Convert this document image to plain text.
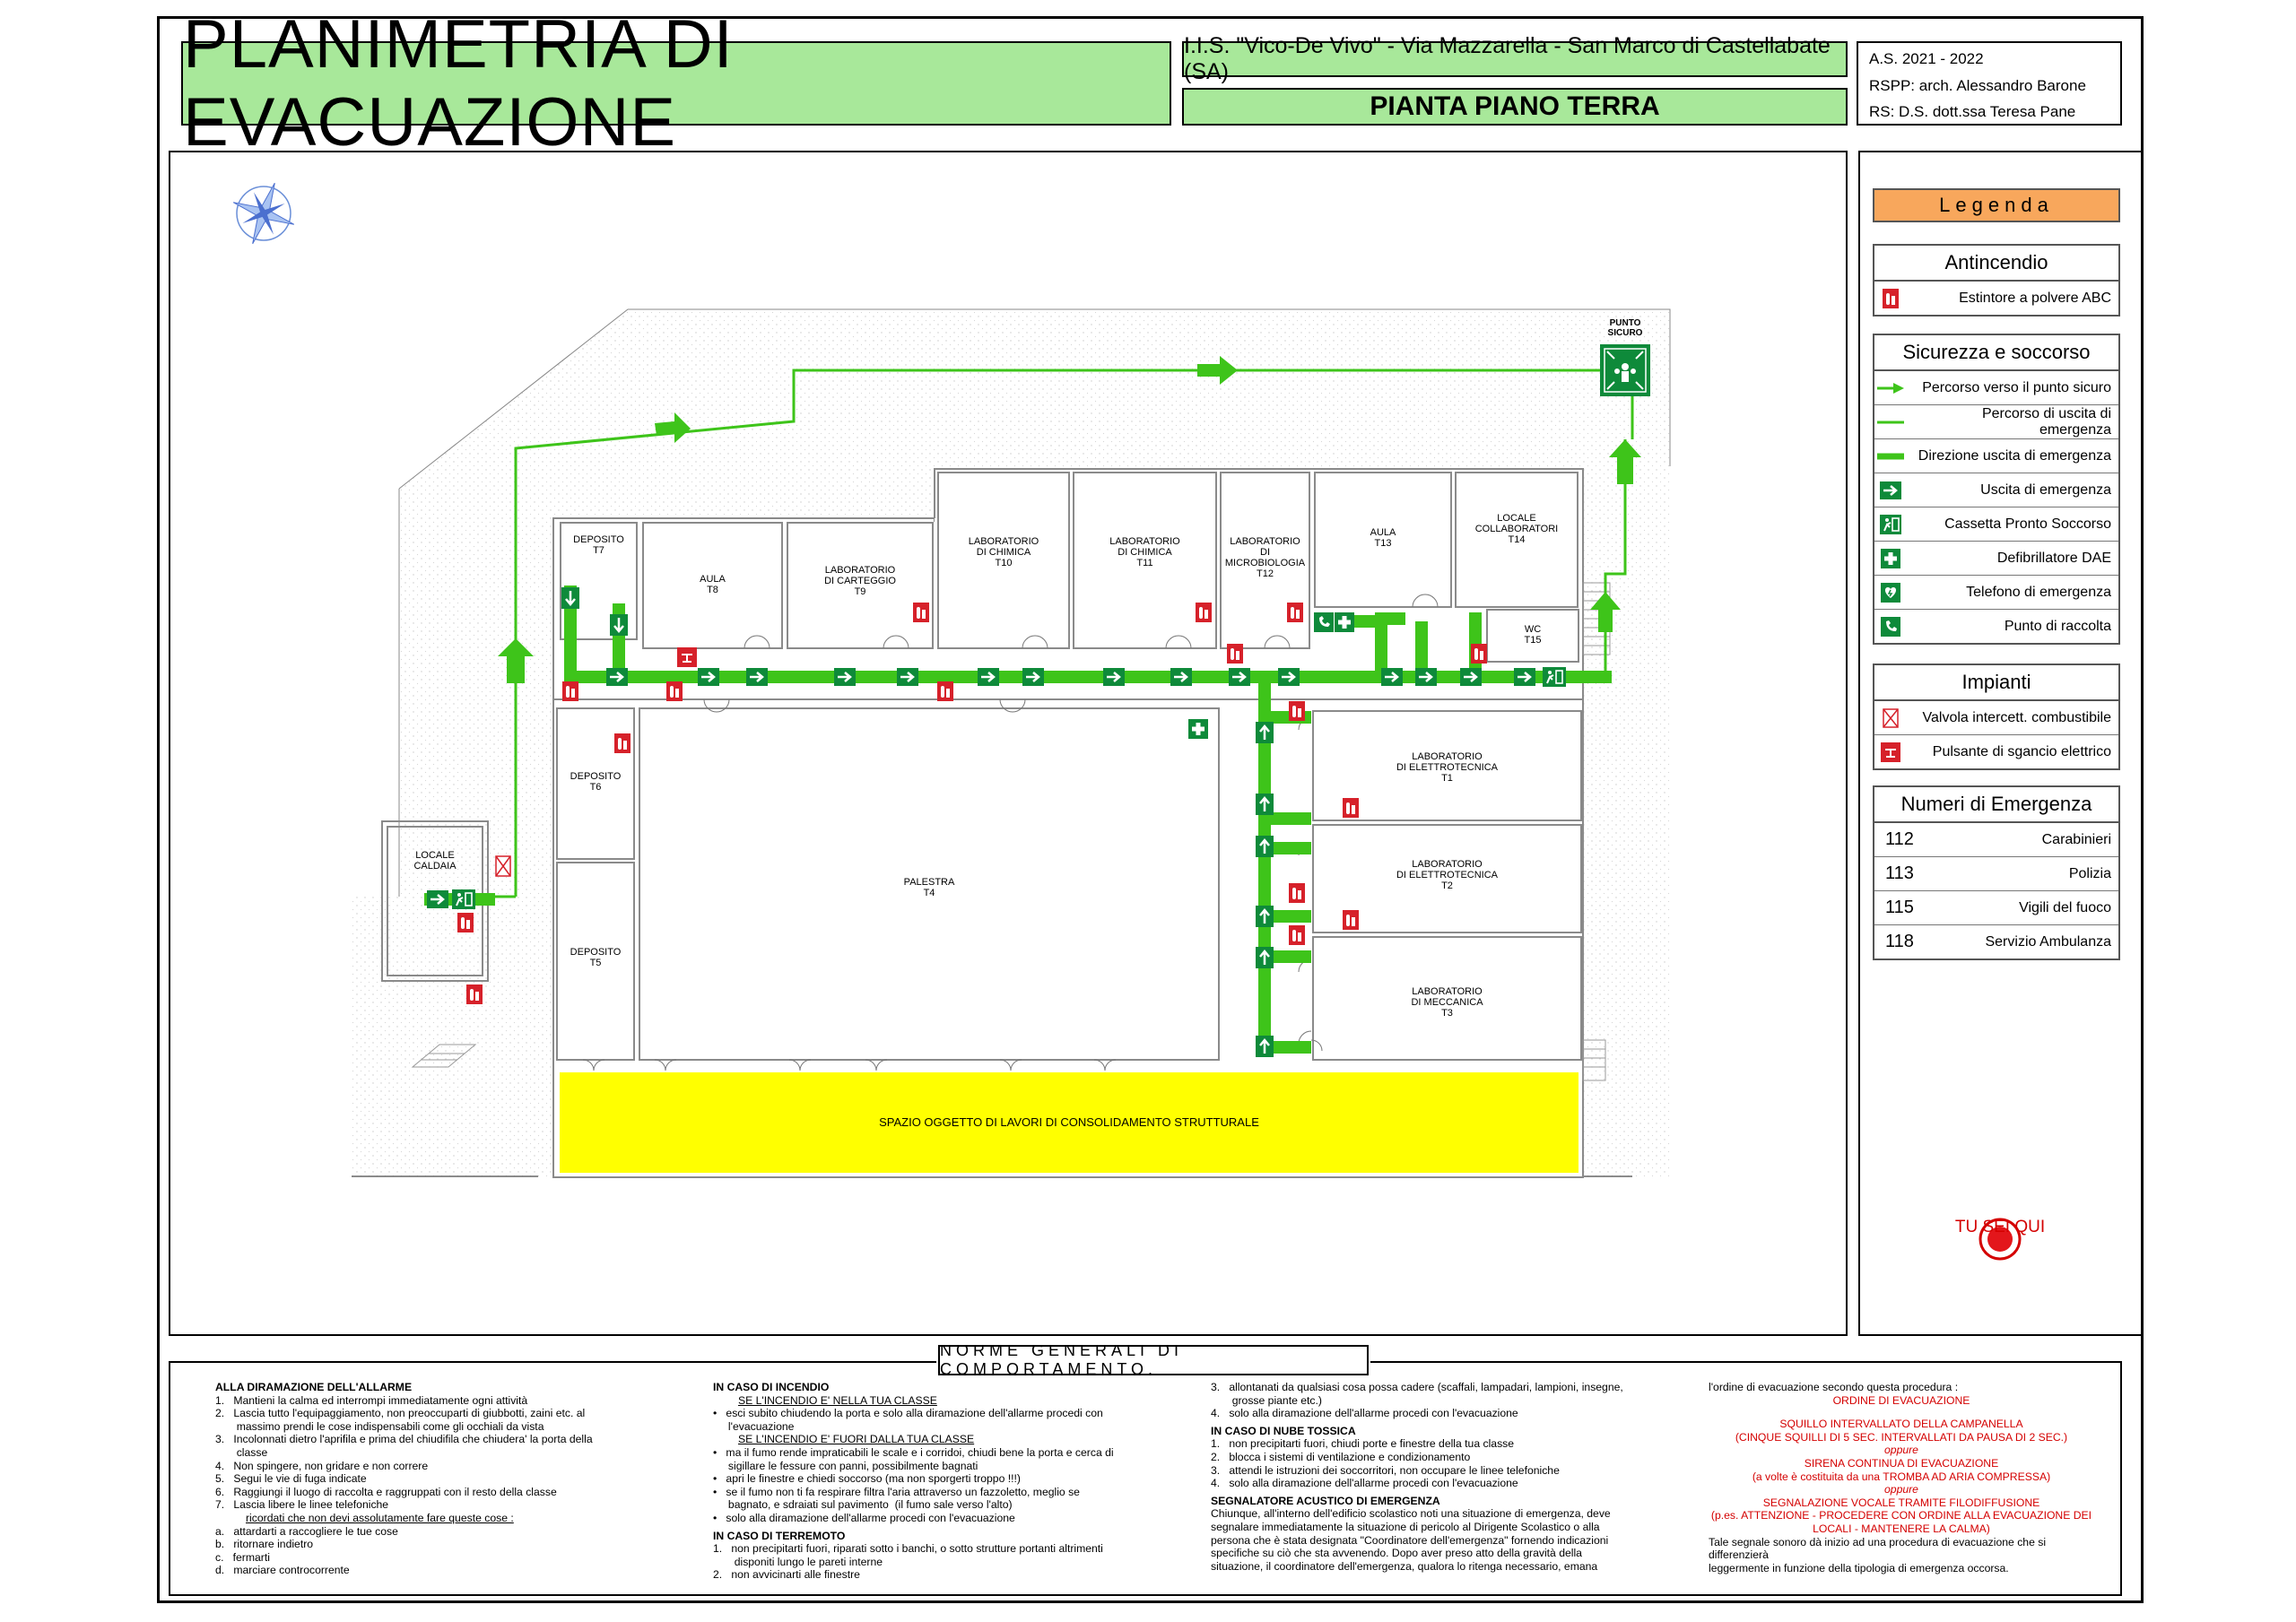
PLANIMETRIA DI EVACUAZIONE
I.I.S. "Vico-De Vivo" - Via Mazzarella - San Marco di Castellabate (SA)
PIANTA PIANO TERRA
A.S. 2021 - 2022
RSPP: arch. Alessandro Barone
RS: D.S. dott.ssa Teresa Pane
SPAZIO OGGETTO DI LAVORI DI CONSOLIDAMENTO STRUTTURALE
PUNTO SICURO
DEPOSITO
T7
AULA
T8
LABORATORIO
DI CARTEGGIO
T9
LABORATORIO
DI CHIMICA
T10
LABORATORIO
DI CHIMICA
T11
LABORATORIO
DI
MICROBIOLOGIA
T12
AULA
T13
LOCALE
COLLABORATORI
T14
WC
T15
DEPOSITO
T6
DEPOSITO
T5
PALESTRA
T4
LABORATORIO
DI ELETTROTECNICA
T1
LABORATORIO
DI ELETTROTECNICA
T2
LABORATORIO
DI MECCANICA
T3
LOCALE
CALDAIA
Legenda
Antincendio
Estintore a polvere ABC
Sicurezza e soccorso
Percorso verso il punto sicuro
Percorso di uscita di emergenza
Direzione uscita di emergenza
Uscita di emergenza
Cassetta Pronto Soccorso
Defibrillatore DAE
Telefono di emergenza
Punto di raccolta
Impianti
Valvola intercett. combustibile
Pulsante di sgancio elettrico
Numeri di Emergenza
112	Carabinieri
113	Polizia
115	Vigili del fuoco
118	Servizio Ambulanza
TU SEI QUI
NORME GENERALI DI COMPORTAMENTO.
ALLA DIRAMAZIONE DELL'ALLARME
1.   Mantieni la calma ed interrompi immediatamente ogni attività
2.   Lascia tutto l'equipaggiamento, non preoccuparti di giubbotti, zaini etc. al
massimo prendi le cose indispensabili come gli occhiali da vista
3.   Incolonnati dietro l'aprifila e prima del chiudifila che chiudera' la porta della
classe
4.   Non spingere, non gridare e non correre
5.   Segui le vie di fuga indicate
6.   Raggiungi il luogo di raccolta e raggruppati con il resto della classe
7.   Lascia libere le linee telefoniche
ricordati che non devi assolutamente fare queste cose :
a.   attardarti a raccogliere le tue cose
b.   ritornare indietro
c.   fermarti
d.   marciare controcorrente
IN CASO DI INCENDIO
SE L'INCENDIO E' NELLA TUA CLASSE
•   esci subito chiudendo la porta e solo alla diramazione dell'allarme procedi con
l'evacuazione
SE L'INCENDIO E' FUORI DALLA TUA CLASSE
•   ma il fumo rende impraticabili le scale e i corridoi, chiudi bene la porta e cerca di
sigillare le fessure con panni, possibilmente bagnati
•   apri le finestre e chiedi soccorso (ma non sporgerti troppo !!!)
•   se il fumo non ti fa respirare filtra l'aria attraverso un fazzoletto, meglio se
bagnato, e sdraiati sul pavimento  (il fumo sale verso l'alto)
•   solo alla diramazione dell'allarme procedi con l'evacuazione
IN CASO DI TERREMOTO
1.   non precipitarti fuori, riparati sotto i banchi, o sotto strutture portanti altrimenti
disponiti lungo le pareti interne
2.   non avvicinarti alle finestre
3.   allontanati da qualsiasi cosa possa cadere (scaffali, lampadari, lampioni, insegne,
grosse piante etc.)
4.   solo alla diramazione dell'allarme procedi con l'evacuazione
IN CASO DI NUBE TOSSICA
1.   non precipitarti fuori, chiudi porte e finestre della tua classe
2.   blocca i sistemi di ventilazione e condizionamento
3.   attendi le istruzioni dei soccorritori, non occupare le linee telefoniche
4.   solo alla diramazione dell'allarme procedi con l'evacuazione
SEGNALATORE ACUSTICO DI EMERGENZA
Chiunque, all'interno dell'edificio scolastico noti una situazione di emergenza, deve
segnalare immediatamente la situazione di pericolo al Dirigente Scolastico o alla
persona che è stata designata "Coordinatore dell'emergenza" fornendo indicazioni
specifiche su ciò che sta avvenendo. Dopo aver preso atto della gravità della
situazione, il coordinatore dell'emergenza, qualora lo ritenga necessario, emana
l'ordine di evacuazione secondo questa procedura :
ORDINE DI EVACUAZIONE
SQUILLO INTERVALLATO DELLA CAMPANELLA
(CINQUE SQUILLI DI 5 SEC. INTERVALLATI DA PAUSA DI 2 SEC.)
oppure
SIRENA CONTINUA DI EVACUAZIONE
(a volte è costituita da una TROMBA AD ARIA COMPRESSA)
oppure
SEGNALAZIONE VOCALE TRAMITE FILODIFFUSIONE
(p.es. ATTENZIONE - PROCEDERE CON ORDINE ALLA EVACUAZIONE DEI
LOCALI - MANTENERE LA CALMA)
Tale segnale sonoro dà inizio ad una procedura di evacuazione che si differenzierà
leggermente in funzione della tipologia di emergenza occorsa.
